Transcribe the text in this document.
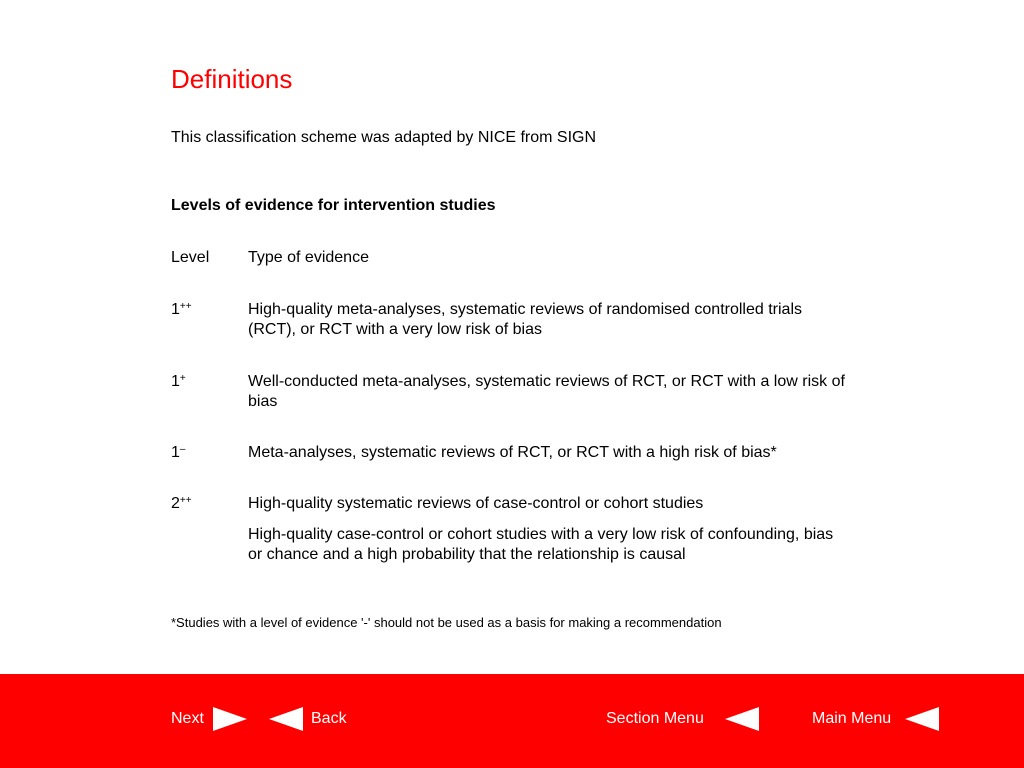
Definitions
This classification scheme was adapted by NICE from SIGN
Levels of evidence for intervention studies
Level	Type of evidence
1++	High-quality meta-analyses, systematic reviews of randomised controlled trials (RCT), or RCT with a very low risk of bias
1+	Well-conducted meta-analyses, systematic reviews of RCT, or RCT with a low risk of bias
1–	Meta-analyses, systematic reviews of RCT, or RCT with a high risk of bias*
2++	High-quality systematic reviews of case-control or cohort studies
High-quality case-control or cohort studies with a very low risk of confounding, bias or chance and a high probability that the relationship is causal
*Studies with a level of evidence '-' should not be used as a basis for making a recommendation
Next	Back	Section Menu	Main Menu
